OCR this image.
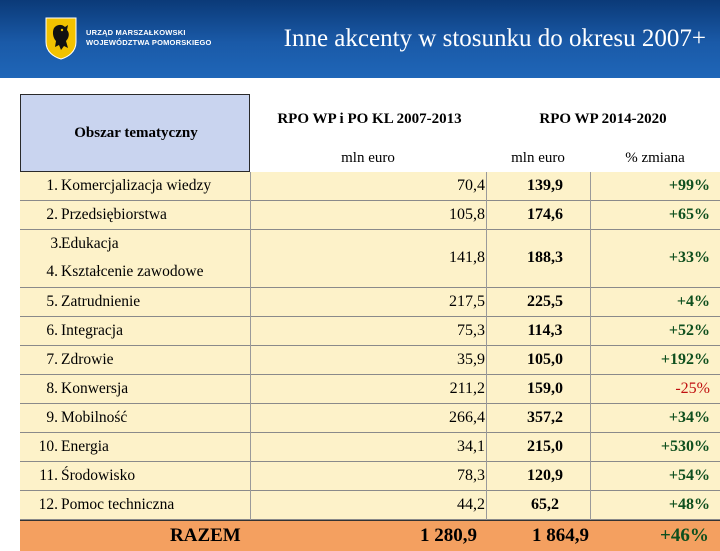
URZĄD MARSZAŁKOWSKI
WOJEWÓDZTWA POMORSKIEGO	Inne akcenty w stosunku do okresu 2007+
Obszar tematyczny
RPO WP i PO KL 2007-2013	RPO WP 2014-2020
mln euro	mln euro	% zmiana
1. Komercjalizacja wiedzy	70,4	139,9	+99%
2. Przedsiębiorstwa	105,8	174,6	+65%
3. Edukacja
4. Kształcenie zawodowe
141,8	188,3	+33%
5. Zatrudnienie	217,5	225,5	+4%
6. Integracja	75,3	114,3	+52%
7. Zdrowie	35,9	105,0	+192%
8. Konwersja	211,2	159,0	-25%
9. Mobilność	266,4	357,2	+34%
10. Energia	34,1	215,0	+530%
11. Środowisko	78,3	120,9	+54%
12. Pomoc techniczna	44,2	65,2	+48%
RAZEM	1 280,9	1 864,9	+46%
